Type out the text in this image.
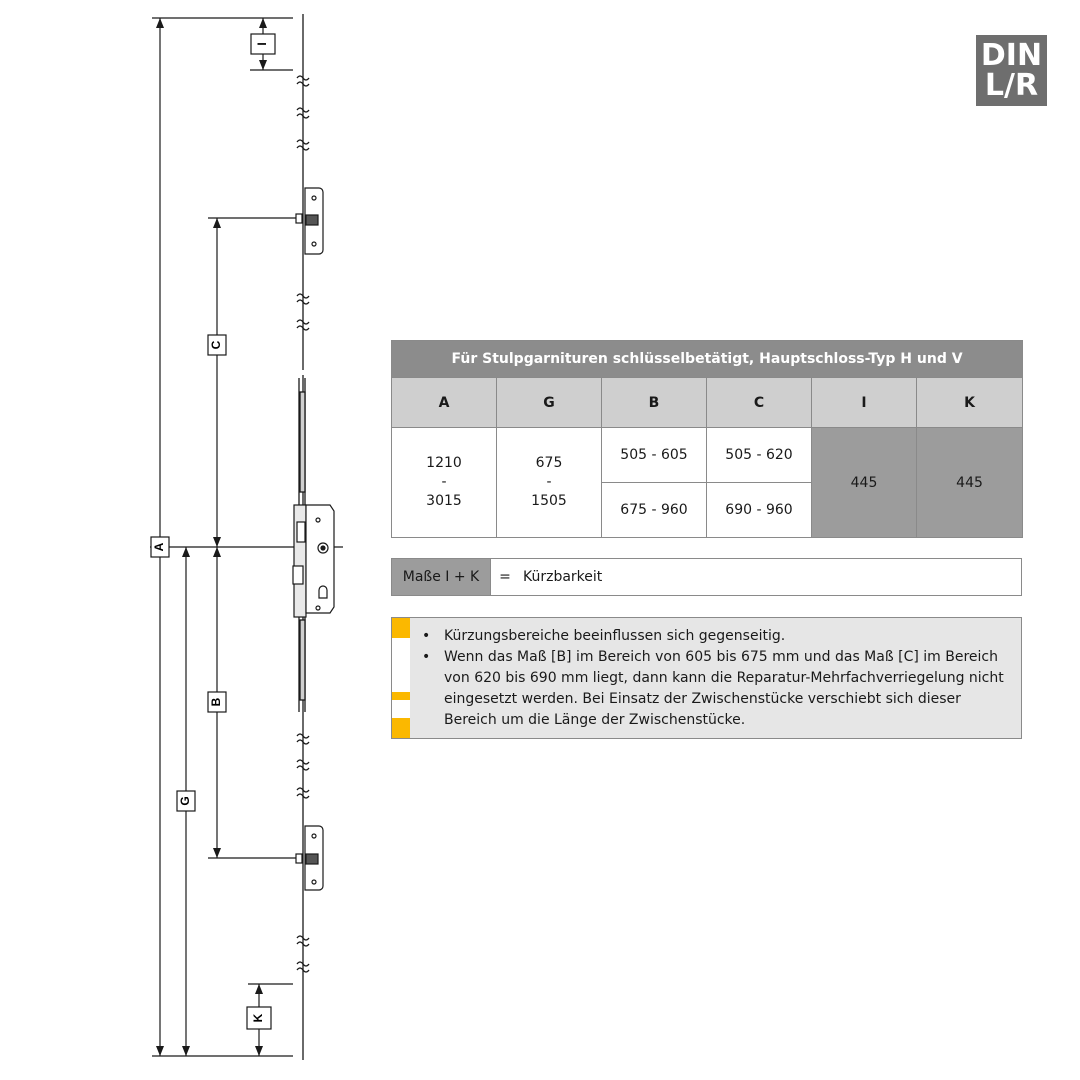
A
G
C
B
I
K
DIN
L/R
Für Stulpgarnituren schlüsselbetätigt, Hauptschloss-Typ H und V					
A	G	B	C	I	K

1210
-
3015	675
-
1505	505 - 605	505 - 620	445	445
		675 - 960	690 - 960		
Maße I + K	= Kürzbarkeit
• Kürzungsbereiche beeinflussen sich gegenseitig.
• Wenn das Maß [B] im Bereich von 605 bis 675 mm und das Maß [C] im Bereich von 620 bis 690 mm liegt, dann kann die Reparatur-Mehrfachverriegelung nicht eingesetzt werden. Bei Einsatz der Zwischenstücke verschiebt sich dieser Bereich um die Länge der Zwischenstücke.
